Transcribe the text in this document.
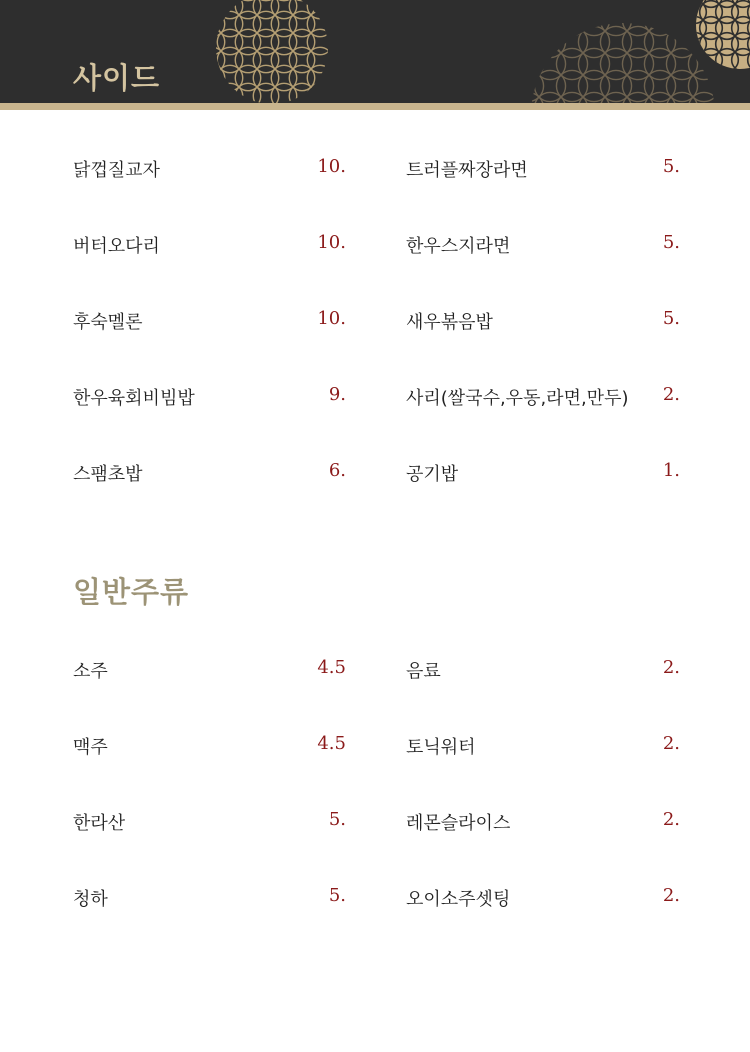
사이드
닭껍질교자	10.
버터오다리	10.
후숙멜론	10.
한우육회비빔밥	9.
스팸초밥	6.
트러플짜장라면	5.
한우스지라면	5.
새우볶음밥	5.
사리(쌀국수,우동,라면,만두)	2.
공기밥	1.
일반주류
소주	4.5
맥주	4.5
한라산	5.
청하	5.
음료	2.
토닉워터	2.
레몬슬라이스	2.
오이소주셋팅	2.
